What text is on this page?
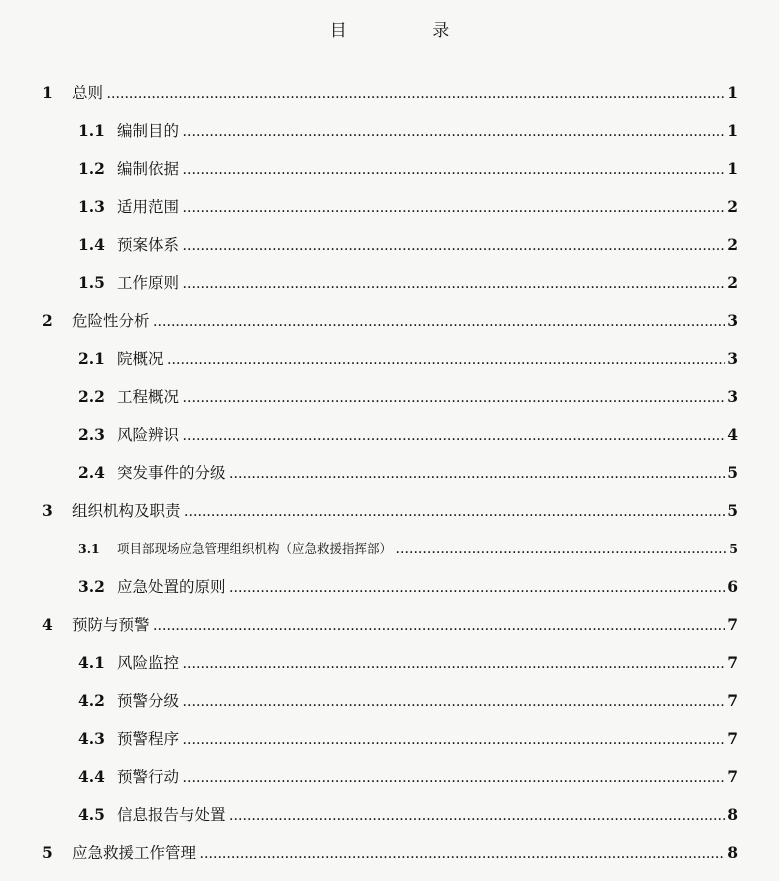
目 录
1	总则 .....	1
1.1 编制目的 .....	1
1.2 编制依据 .....	1
1.3 适用范围 .....	2
1.4 预案体系 .....	2
1.5 工作原则 .....	2
2	危险性分析 .....	3
2.1 院概况 .....	3
2.2 工程概况 .....	3
2.3 风险辨识 .....	4
2.4 突发事件的分级 .....	5
3	组织机构及职责 .....	5
3.1	项目部现场应急管理组织机构（应急救援指挥部） .....	5
3.2 应急处置的原则 .....	6
4	预防与预警 .....	7
4.1 风险监控 .....	7
4.2 预警分级 .....	7
4.3 预警程序 .....	7
4.4 预警行动 .....	7
4.5 信息报告与处置 .....	8
5	应急救援工作管理 .....	8
